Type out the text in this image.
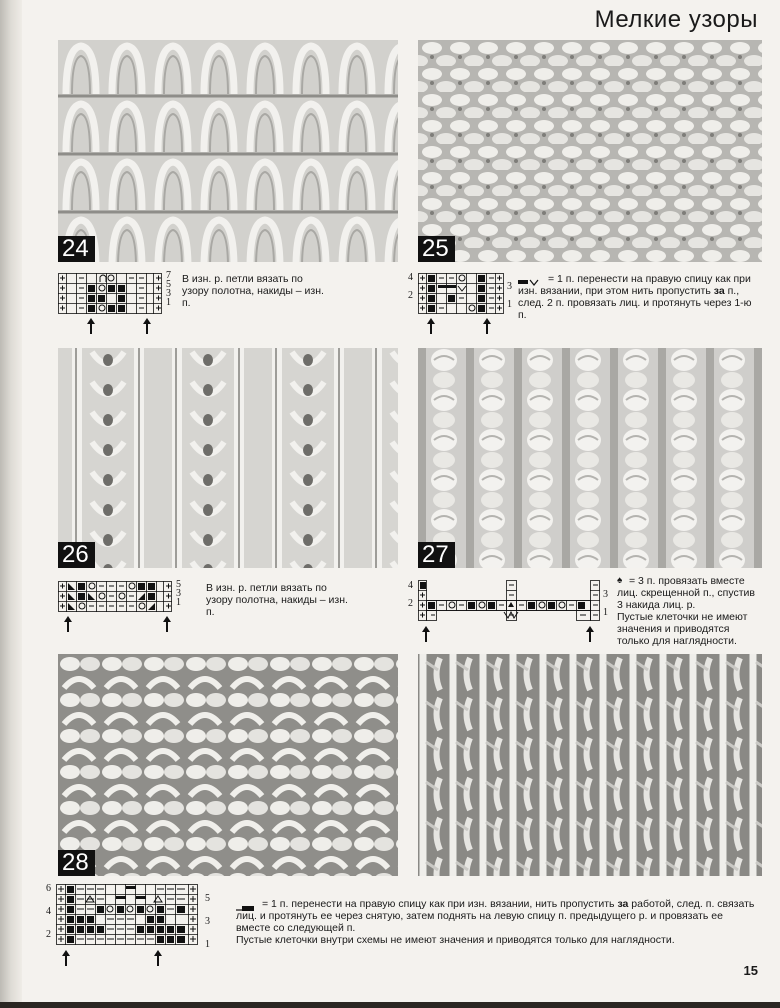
Мелкие узоры
24	25
26	27
28
7
5
3
1
В изн. р. петли вязать по узору полотна, накиды – изн. п.
4
2
3
1
= 1 п. перенести на правую спицу как при изн. вязании, при этом нить пропустить за п., след. 2 п. провязать лиц. и протянуть через 1-ю п.
5
3
1
В изн. р. петли вязать по узору полотна, накиды – изн. п.
4
2
3
1
♠ = 3 п. провязать вместе лиц. скрещенной п., спустив 3 накида лиц. р.
Пустые клеточки не имеют значения и приводятся только для наглядности.
6
4
2
5
3
1
= 1 п. перенести на правую спицу как при изн. вязании, нить пропустить за работой, след. п. связать лиц. и протянуть ее через снятую, затем поднять на левую спицу п. предыдущего р. и провязать ее вместе со следующей п.
Пустые клеточки внутри схемы не имеют значения и приводятся только для наглядности.
15
